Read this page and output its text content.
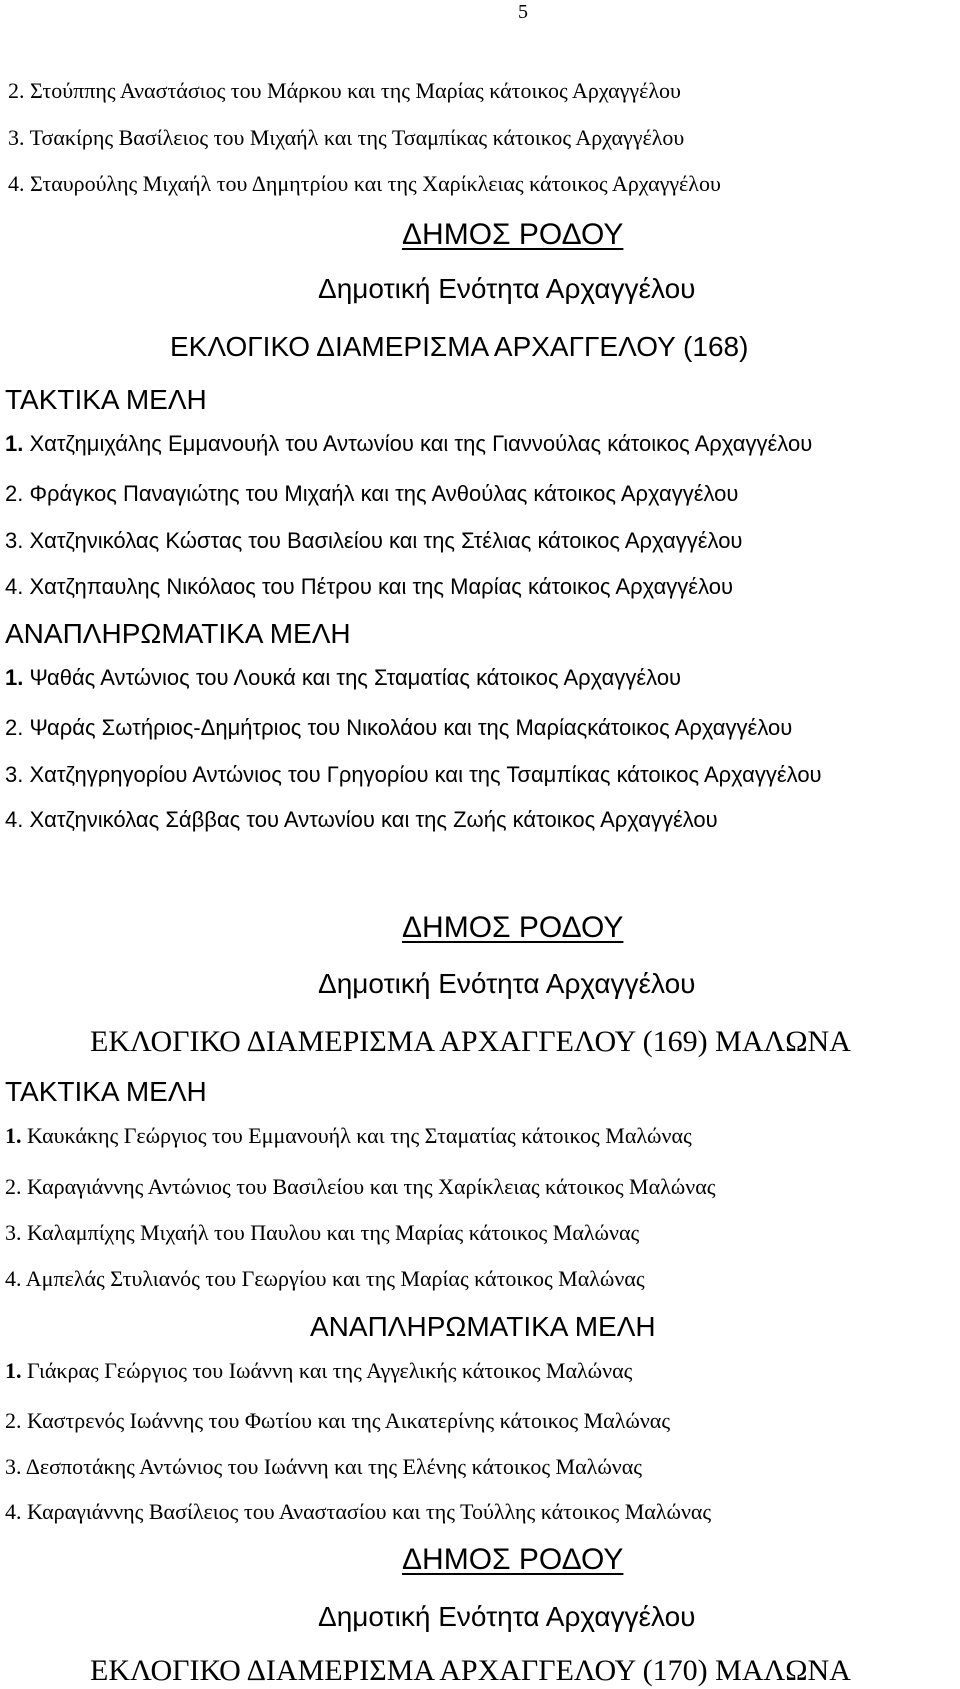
5
2. Στούππης Αναστάσιος του Μάρκου και της Μαρίας κάτοικος Αρχαγγέλου
3. Τσακίρης Βασίλειος του Μιχαήλ και της Τσαμπίκας κάτοικος Αρχαγγέλου
4. Σταυρούλης Μιχαήλ του Δημητρίου και της Χαρίκλειας κάτοικος Αρχαγγέλου
ΔΗΜΟΣ ΡΟΔΟΥ
Δημοτική Ενότητα Αρχαγγέλου
ΕΚΛΟΓΙΚΟ ΔΙΑΜΕΡΙΣΜΑ ΑΡΧΑΓΓΕΛΟΥ (168)
ΤΑΚΤΙΚΑ ΜΕΛΗ
1. Χατζημιχάλης Εμμανουήλ του Αντωνίου και της Γιαννούλας κάτοικος Αρχαγγέλου
2. Φράγκος Παναγιώτης του Μιχαήλ και της Ανθούλας κάτοικος Αρχαγγέλου
3. Χατζηνικόλας Κώστας του Βασιλείου και της Στέλιας κάτοικος Αρχαγγέλου
4. Χατζηπαυλης Νικόλαος του Πέτρου και της Μαρίας κάτοικος Αρχαγγέλου
ΑΝΑΠΛΗΡΩΜΑΤΙΚΑ ΜΕΛΗ
1. Ψαθάς Αντώνιος του Λουκά και της Σταματίας κάτοικος Αρχαγγέλου
2. Ψαράς Σωτήριος-Δημήτριος του Νικολάου και της Μαρίαςκάτοικος Αρχαγγέλου
3. Χατζηγρηγορίου Αντώνιος του Γρηγορίου και της Τσαμπίκας κάτοικος Αρχαγγέλου
4. Χατζηνικόλας Σάββας του Αντωνίου και της Ζωής κάτοικος Αρχαγγέλου
ΔΗΜΟΣ ΡΟΔΟΥ
Δημοτική Ενότητα Αρχαγγέλου
ΕΚΛΟΓΙΚΟ ΔΙΑΜΕΡΙΣΜΑ ΑΡΧΑΓΓΕΛΟΥ (169) ΜΑΛΩΝΑ
ΤΑΚΤΙΚΑ ΜΕΛΗ
1. Καυκάκης Γεώργιος του Εμμανουήλ και της Σταματίας κάτοικος Μαλώνας
2. Καραγιάννης Αντώνιος του Βασιλείου και της Χαρίκλειας κάτοικος Μαλώνας
3. Καλαμπίχης Μιχαήλ του Παυλου και της Μαρίας κάτοικος Μαλώνας
4. Αμπελάς Στυλιανός του Γεωργίου και της Μαρίας κάτοικος Μαλώνας
ΑΝΑΠΛΗΡΩΜΑΤΙΚΑ ΜΕΛΗ
1. Γιάκρας Γεώργιος του Ιωάννη και της Αγγελικής κάτοικος Μαλώνας
2. Καστρενός Ιωάννης του Φωτίου και της Αικατερίνης κάτοικος Μαλώνας
3. Δεσποτάκης Αντώνιος του Ιωάννη και της Ελένης κάτοικος Μαλώνας
4. Καραγιάννης Βασίλειος του Αναστασίου και της Τούλλης κάτοικος Μαλώνας
ΔΗΜΟΣ ΡΟΔΟΥ
Δημοτική Ενότητα Αρχαγγέλου
ΕΚΛΟΓΙΚΟ ΔΙΑΜΕΡΙΣΜΑ ΑΡΧΑΓΓΕΛΟΥ (170) ΜΑΛΩΝΑ
